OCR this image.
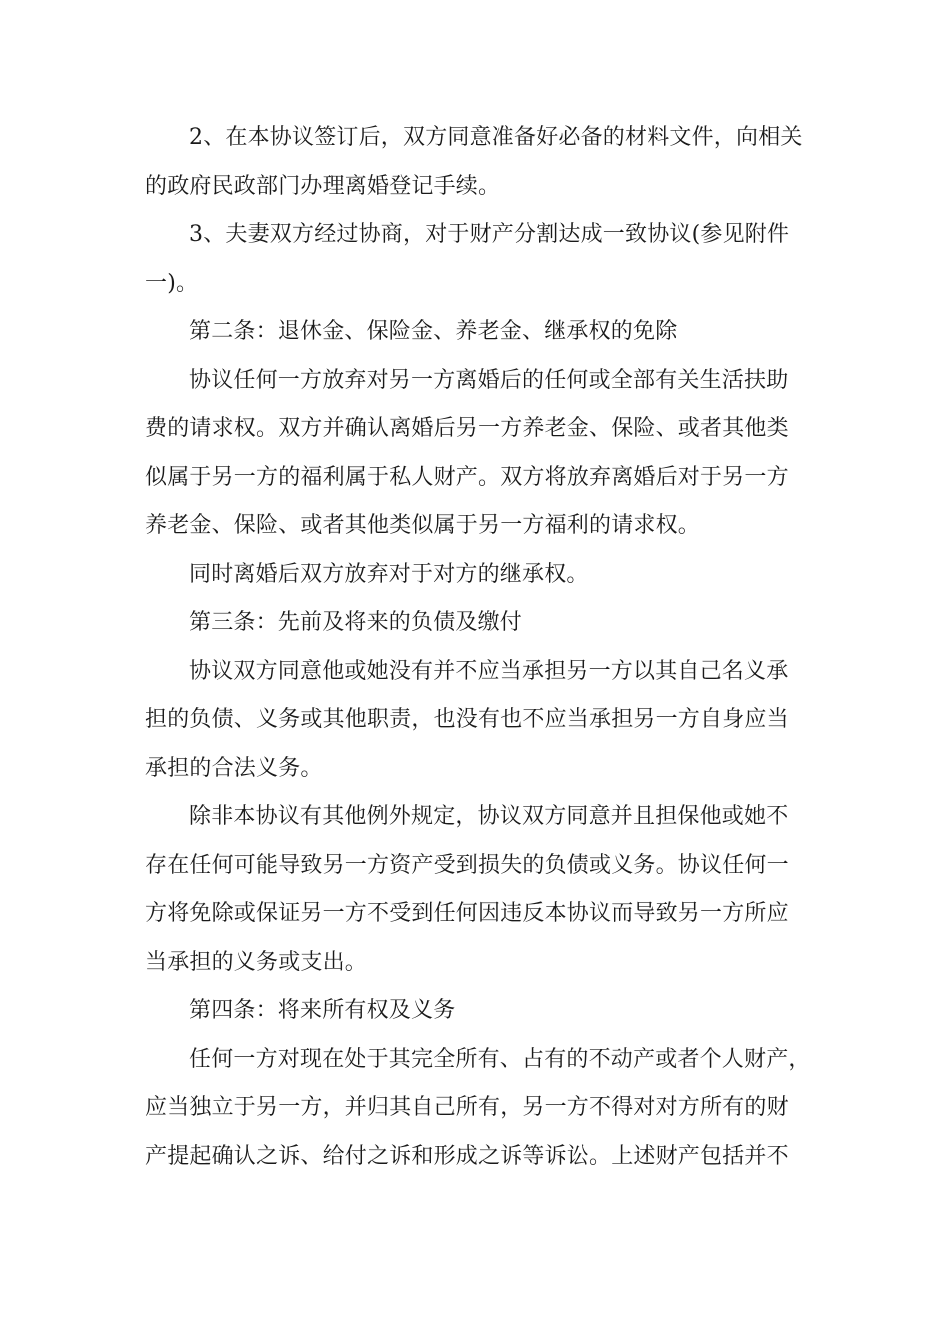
2、在本协议签订后，双方同意准备好必备的材料文件，向相关
的政府民政部门办理离婚登记手续。

3、夫妻双方经过协商，对于财产分割达成一致协议(参见附件
一)。

第二条：退休金、保险金、养老金、继承权的免除

协议任何一方放弃对另一方离婚后的任何或全部有关生活扶助
费的请求权。双方并确认离婚后另一方养老金、保险、或者其他类
似属于另一方的福利属于私人财产。双方将放弃离婚后对于另一方
养老金、保险、或者其他类似属于另一方福利的请求权。

同时离婚后双方放弃对于对方的继承权。

第三条：先前及将来的负债及缴付

协议双方同意他或她没有并不应当承担另一方以其自己名义承
担的负债、义务或其他职责，也没有也不应当承担另一方自身应当
承担的合法义务。

除非本协议有其他例外规定，协议双方同意并且担保他或她不
存在任何可能导致另一方资产受到损失的负债或义务。协议任何一
方将免除或保证另一方不受到任何因违反本协议而导致另一方所应
当承担的义务或支出。

第四条：将来所有权及义务

任何一方对现在处于其完全所有、占有的不动产或者个人财产，
应当独立于另一方，并归其自己所有，另一方不得对对方所有的财
产提起确认之诉、给付之诉和形成之诉等诉讼。上述财产包括并不
